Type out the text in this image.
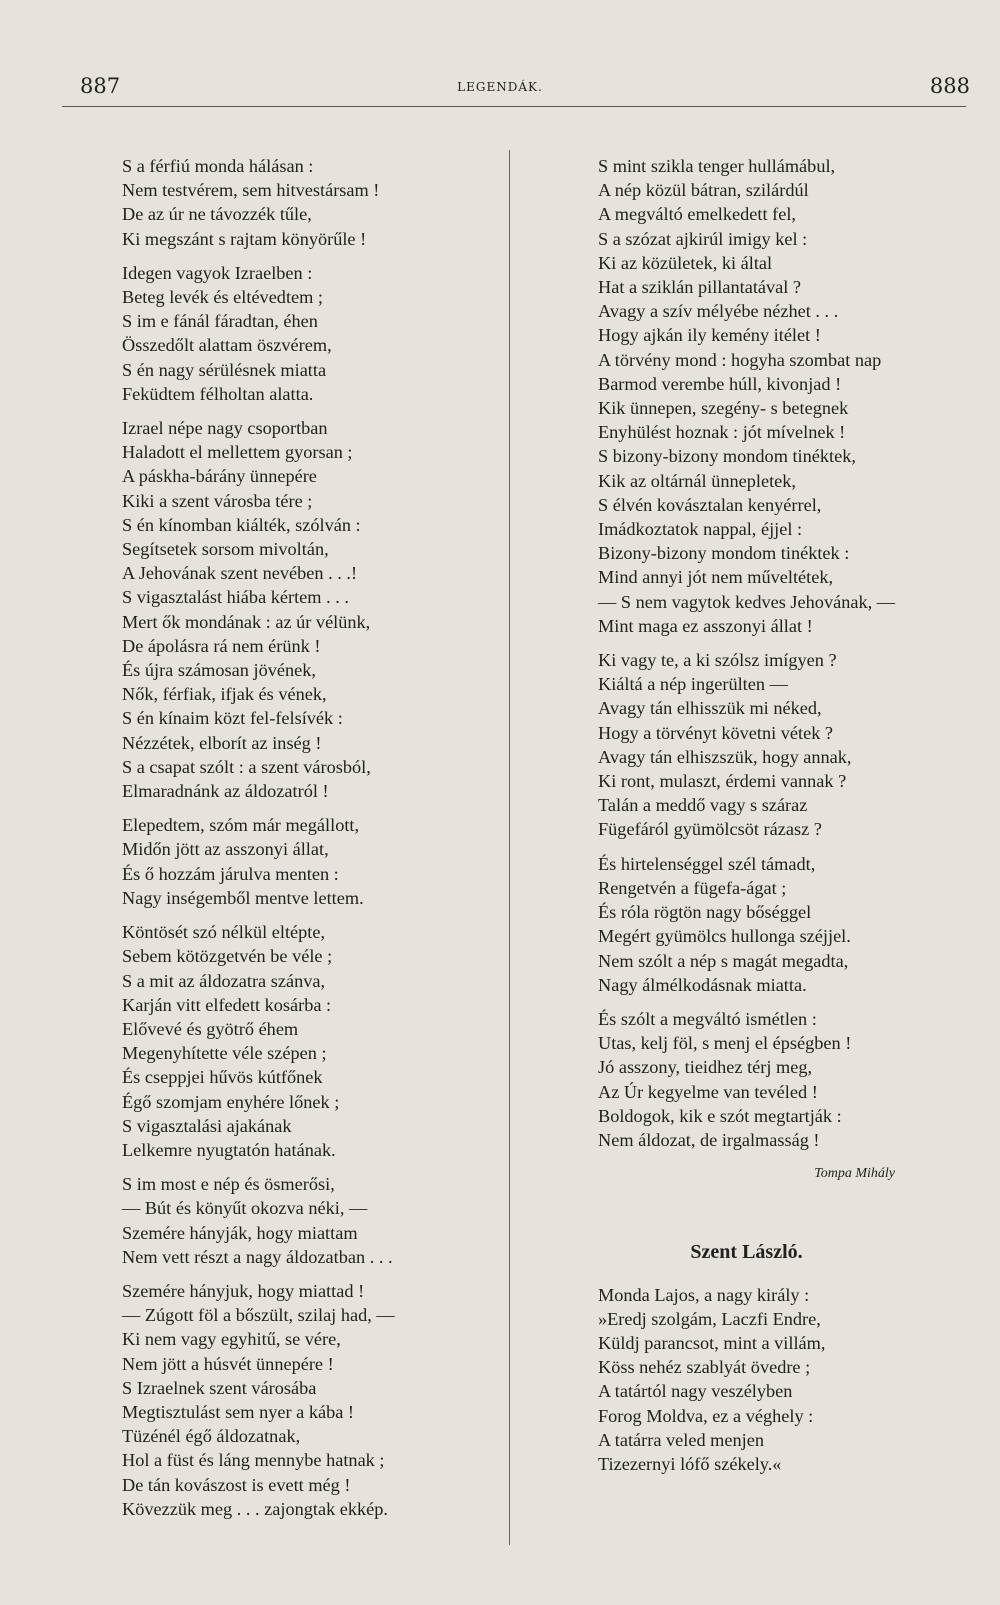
887	LEGENDÁK.	888
S a férfiú monda hálásan :
Nem testvérem, sem hitvestársam !
De az úr ne távozzék tűle,
Ki megszánt s rajtam könyörűle !
Idegen vagyok Izraelben :
Beteg levék és eltévedtem ;
S im e fánál fáradtan, éhen
Összedőlt alattam öszvérem,
S én nagy sérülésnek miatta
Feküdtem félholtan alatta.
Izrael népe nagy csoportban
Haladott el mellettem gyorsan ;
A páskha-bárány ünnepére
Kiki a szent városba tére ;
S én kínomban kiálték, szólván :
Segítsetek sorsom mivoltán,
A Jehovának szent nevében . . .!
S vigasztalást hiába kértem . . .
Mert ők mondának : az úr vélünk,
De ápolásra rá nem érünk !
És újra számosan jövének,
Nők, férfiak, ifjak és vének,
S én kínaim közt fel-felsívék :
Nézzétek, elborít az inség !
S a csapat szólt : a szent városból,
Elmaradnánk az áldozatról !
Elepedtem, szóm már megállott,
Midőn jött az asszonyi állat,
És ő hozzám járulva menten :
Nagy inségemből mentve lettem.
Köntösét szó nélkül eltépte,
Sebem kötözgetvén be véle ;
S a mit az áldozatra szánva,
Karján vitt elfedett kosárba :
Elővevé és gyötrő éhem
Megenyhítette véle szépen ;
És cseppjei hűvös kútfőnek
Égő szomjam enyhére lőnek ;
S vigasztalási ajakának
Lelkemre nyugtatón hatának.
S im most e nép és ösmerősi,
— Bút és könyűt okozva néki, —
Szemére hányják, hogy miattam
Nem vett részt a nagy áldozatban . . .
Szemére hányjuk, hogy miattad !
— Zúgott föl a bőszült, szilaj had, —
Ki nem vagy egyhitű, se vére,
Nem jött a húsvét ünnepére !
S Izraelnek szent városába
Megtisztulást sem nyer a kába !
Tüzénél égő áldozatnak,
Hol a füst és láng mennybe hatnak ;
De tán kovászost is evett még !
Kövezzük meg . . . zajongtak ekkép.
S mint szikla tenger hullámábul,
A nép közül bátran, szilárdúl
A megváltó emelkedett fel,
S a szózat ajkirúl imigy kel :
Ki az közületek, ki által
Hat a sziklán pillantatával ?
Avagy a szív mélyébe nézhet . . .
Hogy ajkán ily kemény itélet !
A törvény mond : hogyha szombat nap
Barmod verembe húll, kivonjad !
Kik ünnepen, szegény- s betegnek
Enyhülést hoznak : jót mívelnek !
S bizony-bizony mondom tinéktek,
Kik az oltárnál ünnepletek,
S élvén kovásztalan kenyérrel,
Imádkoztatok nappal, éjjel :
Bizony-bizony mondom tinéktek :
Mind annyi jót nem műveltétek,
— S nem vagytok kedves Jehovának, —
Mint maga ez asszonyi állat !
Ki vagy te, a ki szólsz imígyen ?
Kiáltá a nép ingerülten —
Avagy tán elhisszük mi néked,
Hogy a törvényt követni vétek ?
Avagy tán elhiszszük, hogy annak,
Ki ront, mulaszt, érdemi vannak ?
Talán a meddő vagy s száraz
Fügefáról gyümölcsöt rázasz ?
És hirtelenséggel szél támadt,
Rengetvén a fügefa-ágat ;
És róla rögtön nagy bőséggel
Megért gyümölcs hullonga széjjel.
Nem szólt a nép s magát megadta,
Nagy álmélkodásnak miatta.
És szólt a megváltó ismétlen :
Utas, kelj föl, s menj el épségben !
Jó asszony, tieidhez térj meg,
Az Úr kegyelme van tevéled !
Boldogok, kik e szót megtartják :
Nem áldozat, de irgalmasság !
Tompa Mihály
Szent László.
Monda Lajos, a nagy király :
»Eredj szolgám, Laczfi Endre,
Küldj parancsot, mint a villám,
Köss nehéz szablyát övedre ;
A tatártól nagy veszélyben
Forog Moldva, ez a véghely :
A tatárra veled menjen
Tizezernyi lófő székely.«
